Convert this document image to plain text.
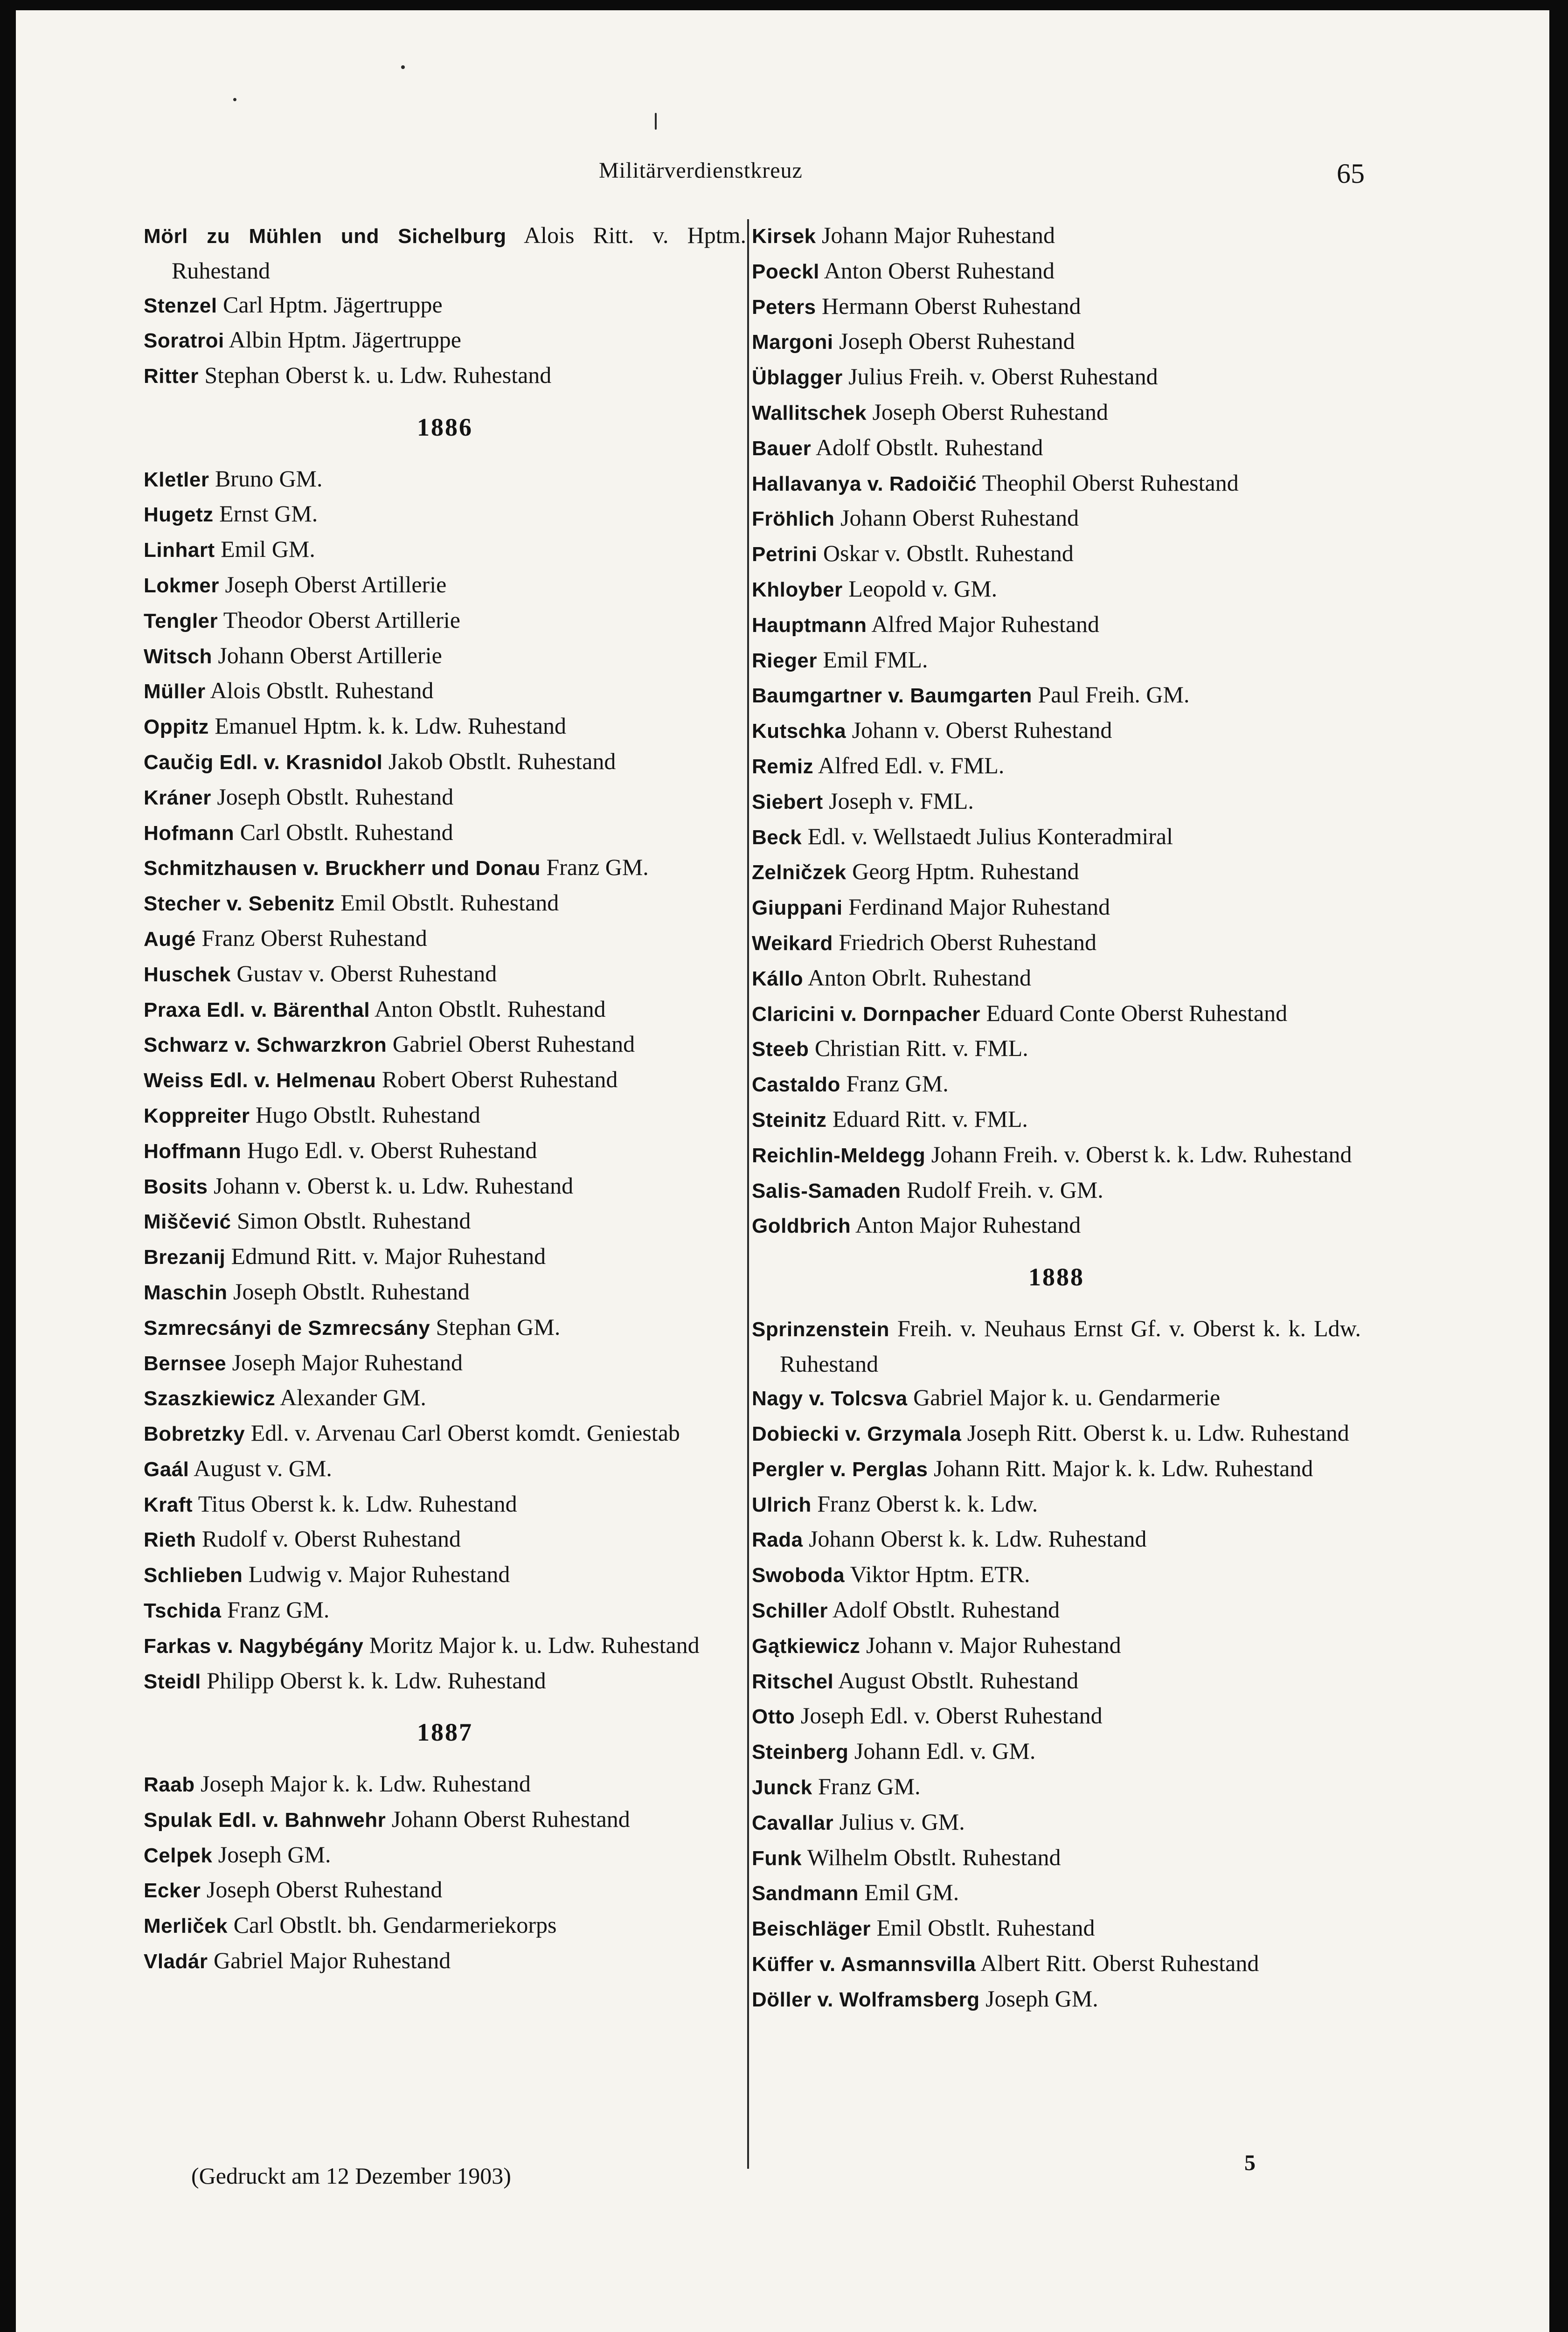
Militärverdienstkreuz	65

Mörl zu Mühlen und Sichelburg Alois Ritt. v. Hptm. Ruhestand

Stenzel Carl Hptm. Jägertruppe

Soratroi Albin Hptm. Jägertruppe

Ritter Stephan Oberst k. u. Ldw. Ruhestand

1886

Kletler Bruno GM.

Hugetz Ernst GM.

Linhart Emil GM.

Lokmer Joseph Oberst Artillerie

Tengler Theodor Oberst Artillerie

Witsch Johann Oberst Artillerie

Müller Alois Obstlt. Ruhestand

Oppitz Emanuel Hptm. k. k. Ldw. Ruhestand

Caučig Edl. v. Krasnidol Jakob Obstlt. Ruhestand

Kráner Joseph Obstlt. Ruhestand

Hofmann Carl Obstlt. Ruhestand

Schmitzhausen v. Bruckherr und Donau Franz GM.

Stecher v. Sebenitz Emil Obstlt. Ruhestand

Augé Franz Oberst Ruhestand

Huschek Gustav v. Oberst Ruhestand

Praxa Edl. v. Bärenthal Anton Obstlt. Ruhestand

Schwarz v. Schwarzkron Gabriel Oberst Ruhestand

Weiss Edl. v. Helmenau Robert Oberst Ruhestand

Koppreiter Hugo Obstlt. Ruhestand

Hoffmann Hugo Edl. v. Oberst Ruhestand

Bosits Johann v. Oberst k. u. Ldw. Ruhestand

Miščević Simon Obstlt. Ruhestand

Brezanij Edmund Ritt. v. Major Ruhestand

Maschin Joseph Obstlt. Ruhestand

Szmrecsányi de Szmrecsány Stephan GM.

Bernsee Joseph Major Ruhestand

Szaszkiewicz Alexander GM.

Bobretzky Edl. v. Arvenau Carl Oberst komdt. Geniestab

Gaál August v. GM.

Kraft Titus Oberst k. k. Ldw. Ruhestand

Rieth Rudolf v. Oberst Ruhestand

Schlieben Ludwig v. Major Ruhestand

Tschida Franz GM.

Farkas v. Nagybégány Moritz Major k. u. Ldw. Ruhestand

Steidl Philipp Oberst k. k. Ldw. Ruhestand

1887

Raab Joseph Major k. k. Ldw. Ruhestand

Spulak Edl. v. Bahnwehr Johann Oberst Ruhestand

Celpek Joseph GM.

Ecker Joseph Oberst Ruhestand

Merliček Carl Obstlt. bh. Gendarmeriekorps

Vladár Gabriel Major Ruhestand

Kirsek Johann Major Ruhestand

Poeckl Anton Oberst Ruhestand

Peters Hermann Oberst Ruhestand

Margoni Joseph Oberst Ruhestand

Üblagger Julius Freih. v. Oberst Ruhestand

Wallitschek Joseph Oberst Ruhestand

Bauer Adolf Obstlt. Ruhestand

Hallavanya v. Radoičić Theophil Oberst Ruhestand

Fröhlich Johann Oberst Ruhestand

Petrini Oskar v. Obstlt. Ruhestand

Khloyber Leopold v. GM.

Hauptmann Alfred Major Ruhestand

Rieger Emil FML.

Baumgartner v. Baumgarten Paul Freih. GM.

Kutschka Johann v. Oberst Ruhestand

Remiz Alfred Edl. v. FML.

Siebert Joseph v. FML.

Beck Edl. v. Wellstaedt Julius Konteradmiral

Zelničzek Georg Hptm. Ruhestand

Giuppani Ferdinand Major Ruhestand

Weikard Friedrich Oberst Ruhestand

Kállo Anton Obrlt. Ruhestand

Claricini v. Dornpacher Eduard Conte Oberst Ruhestand

Steeb Christian Ritt. v. FML.

Castaldo Franz GM.

Steinitz Eduard Ritt. v. FML.

Reichlin-Meldegg Johann Freih. v. Oberst k. k. Ldw. Ruhestand

Salis-Samaden Rudolf Freih. v. GM.

Goldbrich Anton Major Ruhestand

1888

Sprinzenstein Freih. v. Neuhaus Ernst Gf. v. Oberst k. k. Ldw. Ruhestand

Nagy v. Tolcsva Gabriel Major k. u. Gendarmerie

Dobiecki v. Grzymala Joseph Ritt. Oberst k. u. Ldw. Ruhestand

Pergler v. Perglas Johann Ritt. Major k. k. Ldw. Ruhestand

Ulrich Franz Oberst k. k. Ldw.

Rada Johann Oberst k. k. Ldw. Ruhestand

Swoboda Viktor Hptm. ETR.

Schiller Adolf Obstlt. Ruhestand

Gątkiewicz Johann v. Major Ruhestand

Ritschel August Obstlt. Ruhestand

Otto Joseph Edl. v. Oberst Ruhestand

Steinberg Johann Edl. v. GM.

Junck Franz GM.

Cavallar Julius v. GM.

Funk Wilhelm Obstlt. Ruhestand

Sandmann Emil GM.

Beischläger Emil Obstlt. Ruhestand

Küffer v. Asmannsvilla Albert Ritt. Oberst Ruhestand

Döller v. Wolframsberg Joseph GM.

(Gedruckt am 12 Dezember 1903)	5
